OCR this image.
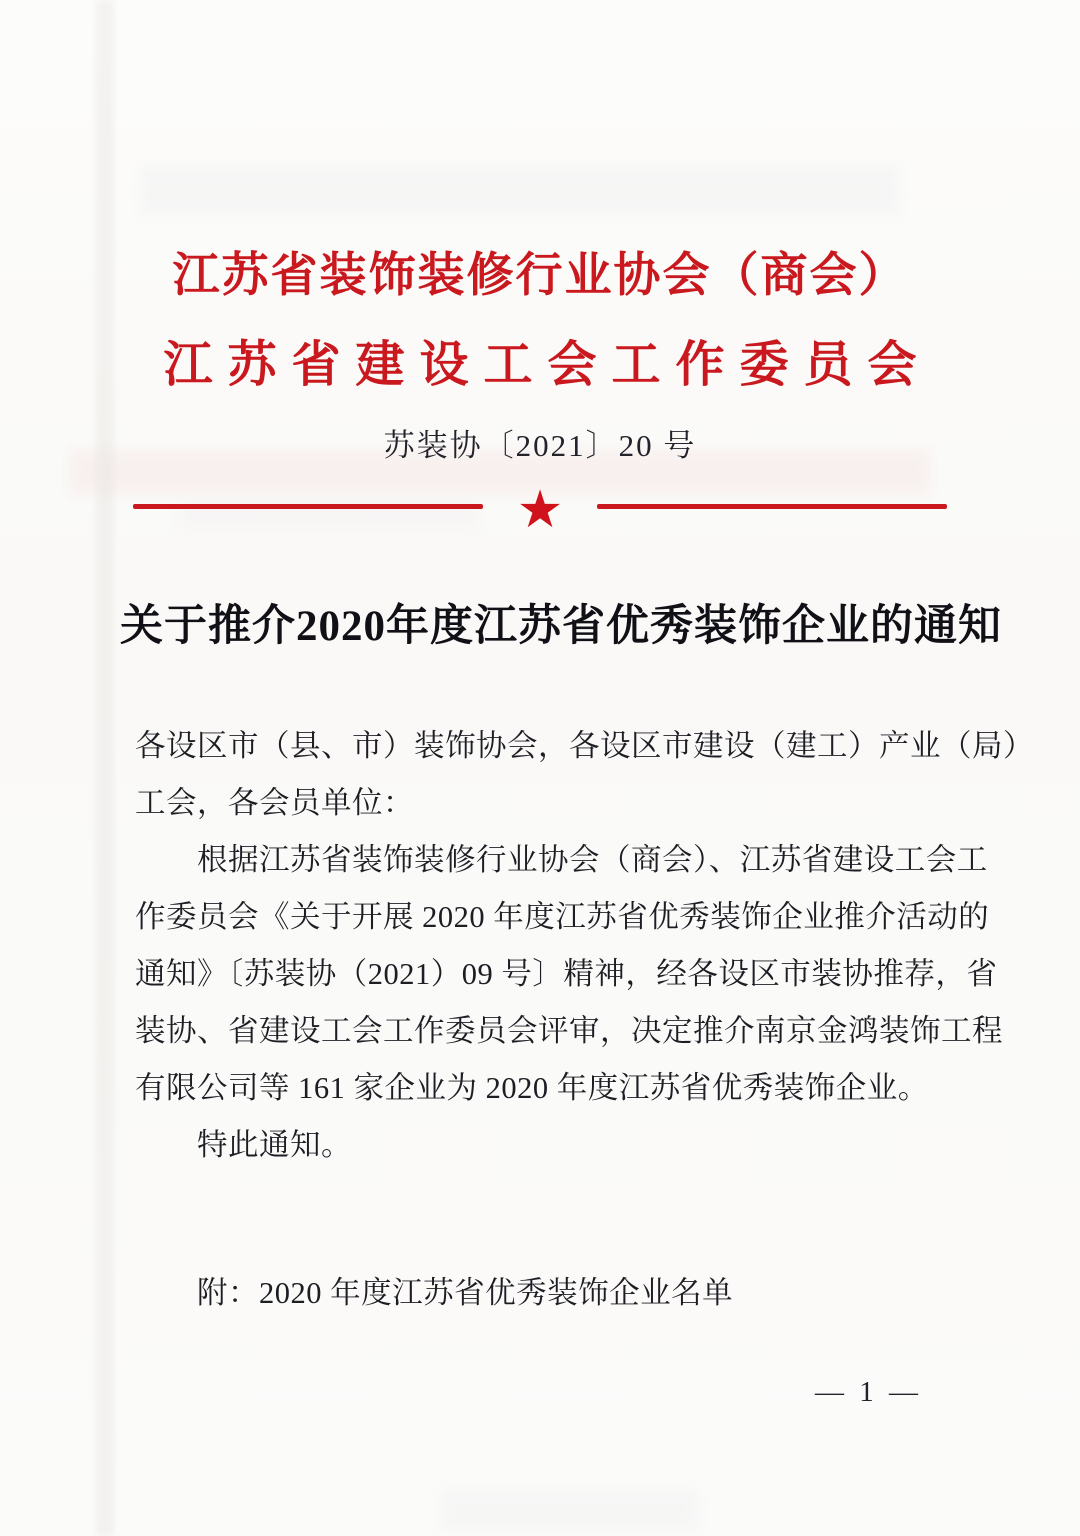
江苏省装饰装修行业协会（商会）
江苏省建设工会工作委员会
苏装协〔2021〕20 号
★
关于推介2020年度江苏省优秀装饰企业的通知
各设区市（县、市）装饰协会，各设区市建设（建工）产业（局）
工会，各会员单位：
根据江苏省装饰装修行业协会（商会）、江苏省建设工会工
作委员会《关于开展 2020 年度江苏省优秀装饰企业推介活动的
通知》〔苏装协（2021）09 号〕精神，经各设区市装协推荐，省
装协、省建设工会工作委员会评审，决定推介南京金鸿装饰工程
有限公司等 161 家企业为 2020 年度江苏省优秀装饰企业。
特此通知。
附：2020 年度江苏省优秀装饰企业名单
— 1 —
